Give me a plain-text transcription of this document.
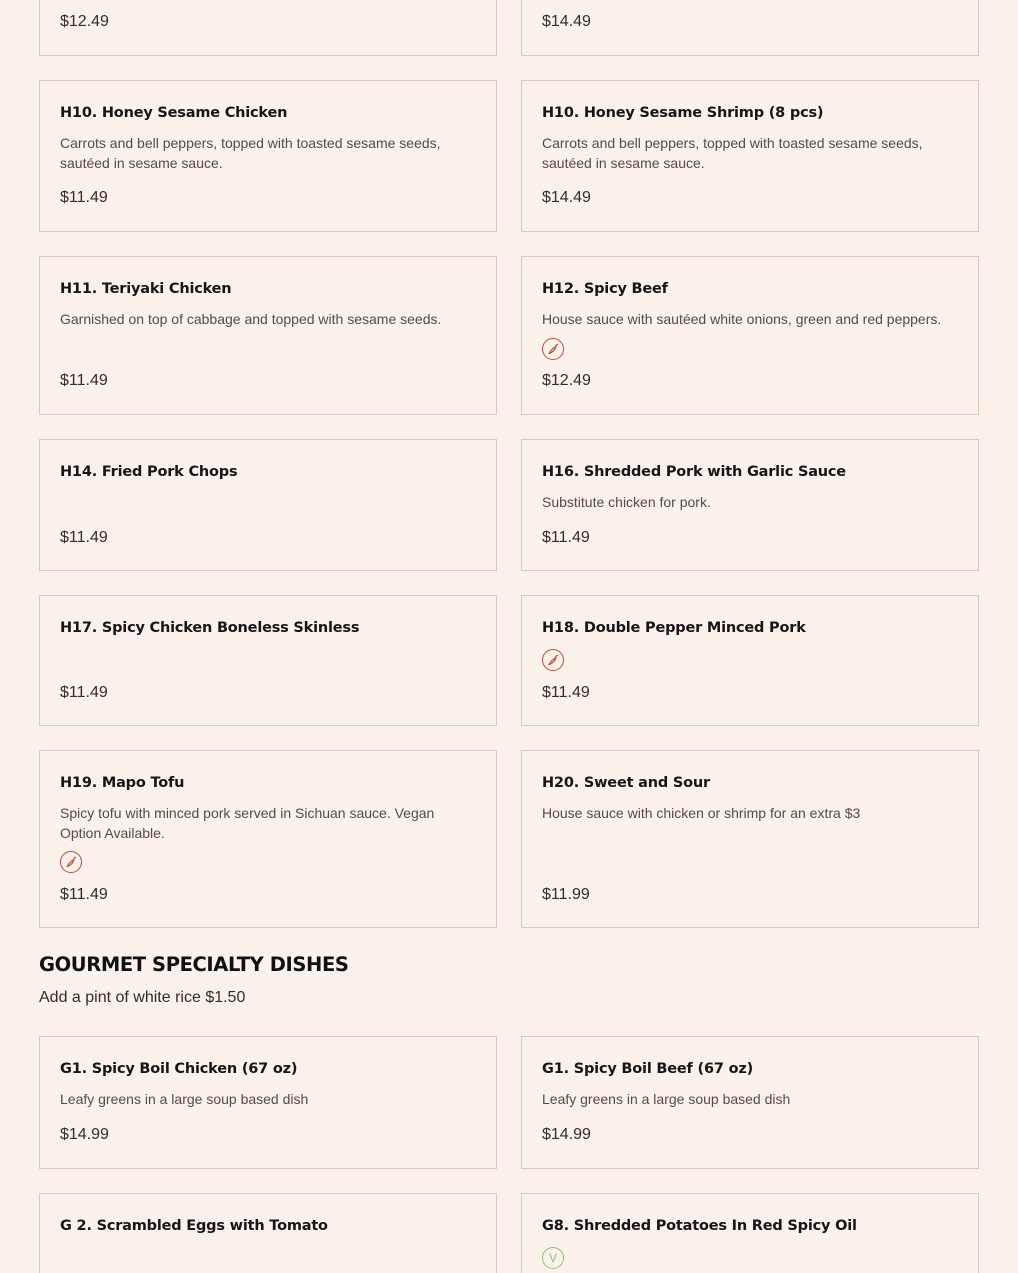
$12.49	$14.49
H10. Honey Sesame Chicken
Carrots and bell peppers, topped with toasted sesame seeds, sautéed in sesame sauce.
$11.49
H10. Honey Sesame Shrimp (8 pcs)
Carrots and bell peppers, topped with toasted sesame seeds, sautéed in sesame sauce.
$14.49
H11. Teriyaki Chicken
Garnished on top of cabbage and topped with sesame seeds.
$11.49
H12. Spicy Beef
House sauce with sautéed white onions, green and red peppers.
$12.49
H14. Fried Pork Chops
$11.49
H16. Shredded Pork with Garlic Sauce
Substitute chicken for pork.
$11.49
H17. Spicy Chicken Boneless Skinless
$11.49
H18. Double Pepper Minced Pork
$11.49
H19. Mapo Tofu
Spicy tofu with minced pork served in Sichuan sauce. Vegan Option Available.
$11.49
H20. Sweet and Sour
House sauce with chicken or shrimp for an extra $3
$11.99
GOURMET SPECIALTY DISHES
Add a pint of white rice $1.50
G1. Spicy Boil Chicken (67 oz)
Leafy greens in a large soup based dish
$14.99
G1. Spicy Boil Beef (67 oz)
Leafy greens in a large soup based dish
$14.99
G 2. Scrambled Eggs with Tomato	G8. Shredded Potatoes In Red Spicy Oil
V
